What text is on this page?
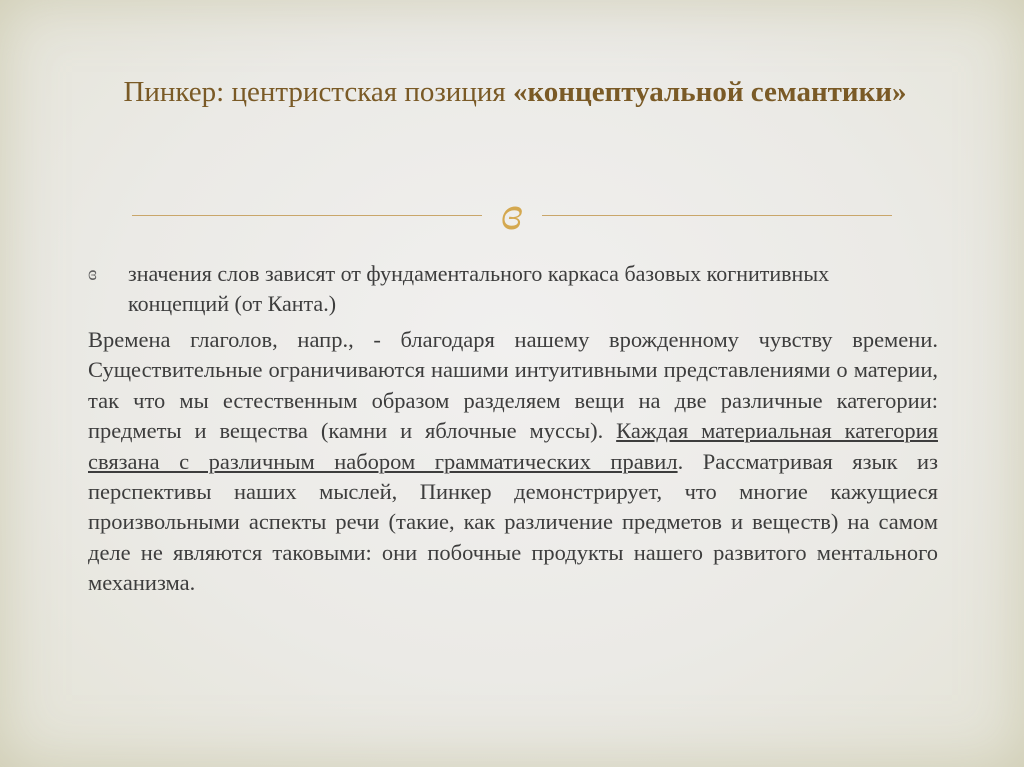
Пинкер: центристская позиция «концептуальной семантики»
ɞ
ɞ	значения слов зависят от фундаментального каркаса базовых когнитивных концепций (от Канта.)
Времена глаголов, напр., - благодаря нашему врожденному чувству времени. Существительные ограничиваются нашими интуитивными представлениями о материи, так что мы естественным образом разделяем вещи на две различные категории: предметы и вещества (камни и яблочные муссы). Каждая материальная категория связана с различным набором грамматических правил. Рассматривая язык из перспективы наших мыслей, Пинкер демонстрирует, что многие кажущиеся произвольными аспекты речи (такие, как различение предметов и веществ) на самом деле не являются таковыми: они побочные продукты нашего развитого ментального механизма.
